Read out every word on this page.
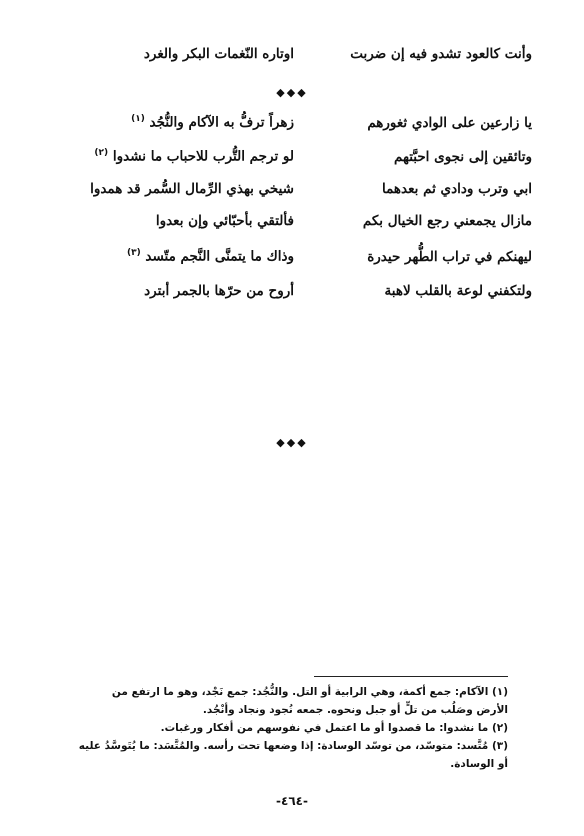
وأنت كالعود تشدو فيه إن ضربت
اوتاره النّغمات البكر والغرد
◆◆◆
يا زارعين على الوادي ثغورهم
زهراً ترفُّ به الآكام والنُّجُد $^{(١)}$
وتائقين إلى نجوى احبَّتهم
لو ترجم التُّرب للاحباب ما نشدوا $^{(٢)}$
ابي وترب ودادي ثم بعدهما
شيخي بهذي الرِّمال السُّمر قد همدوا
مازال يجمعني رجع الخيال بكم
فألتقي بأحبّائي وإن بعدوا
ليهنكم في تراب الطُّهر حيدرة
وذاك ما يتمنَّى النَّجم متّسد $^{(٣)}$
ولتكفني لوعة بالقلب لاهبة
أروح من حرّها بالجمر أبترد
◆◆◆
(١) الآكام: جمع أكمة، وهي الرابية أو التل. والنُّجُد: جمع نَجْد، وهو ما ارتفع من الأرض وصَلُب من تلٍّ أو جبل ونحوه. جمعه نُجود ونجاد وأنْجُد.
(٢) ما نشدوا: ما قصدوا أو ما اعتمل في نفوسهم من أفكار ورغبات.
(٣) مُتَّسد: متوسّد، من توسّد الوسادة: إذا وضعها تحت رأسه. والمُتَّسَد: ما يُتَوسَّدُ عليه أو الوسادة.
-٤٦٤-
